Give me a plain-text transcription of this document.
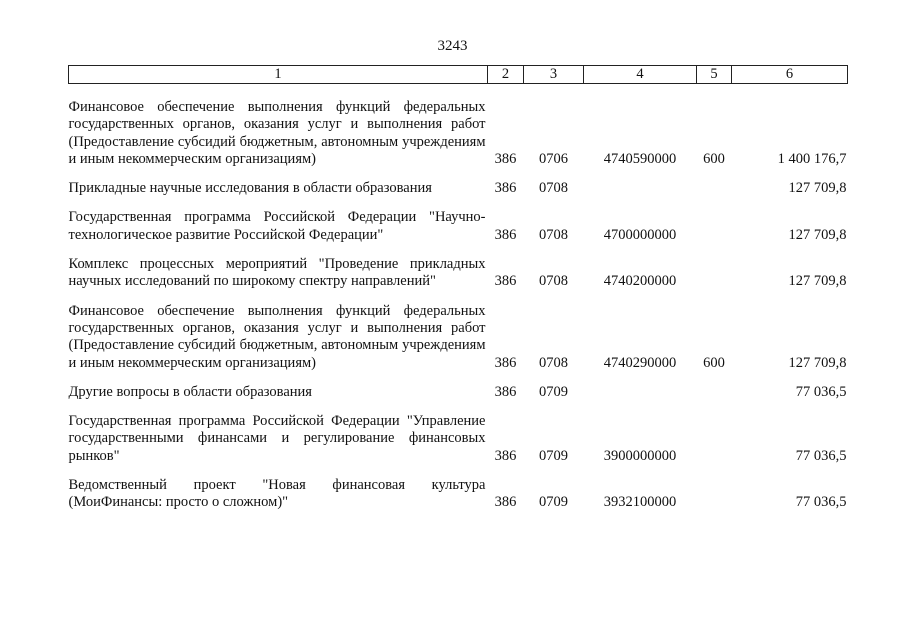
3243
1	2	3	4	5	6

Финансовое обеспечение выполнения функций федеральных государственных органов, оказания услуг и выполнения работ (Предоставление субсидий бюджетным, автономным учреждениям и иным некоммерческим организациям)	386	0706	4740590000	600	1 400 176,7

Прикладные научные исследования в области образования	386	0708			127 709,8

Государственная программа Российской Федерации "Научно-технологическое развитие Российской Федерации"	386	0708	4700000000		127 709,8

Комплекс процессных мероприятий "Проведение прикладных научных исследований по широкому спектру направлений"	386	0708	4740200000		127 709,8

Финансовое обеспечение выполнения функций федеральных государственных органов, оказания услуг и выполнения работ (Предоставление субсидий бюджетным, автономным учреждениям и иным некоммерческим организациям)	386	0708	4740290000	600	127 709,8

Другие вопросы в области образования	386	0709			77 036,5

Государственная программа Российской Федерации "Управление государственными финансами и регулирование финансовых рынков"	386	0709	3900000000		77 036,5

Ведомственный проект "Новая финансовая культура (МоиФинансы: просто о сложном)"	386	0709	3932100000		77 036,5
